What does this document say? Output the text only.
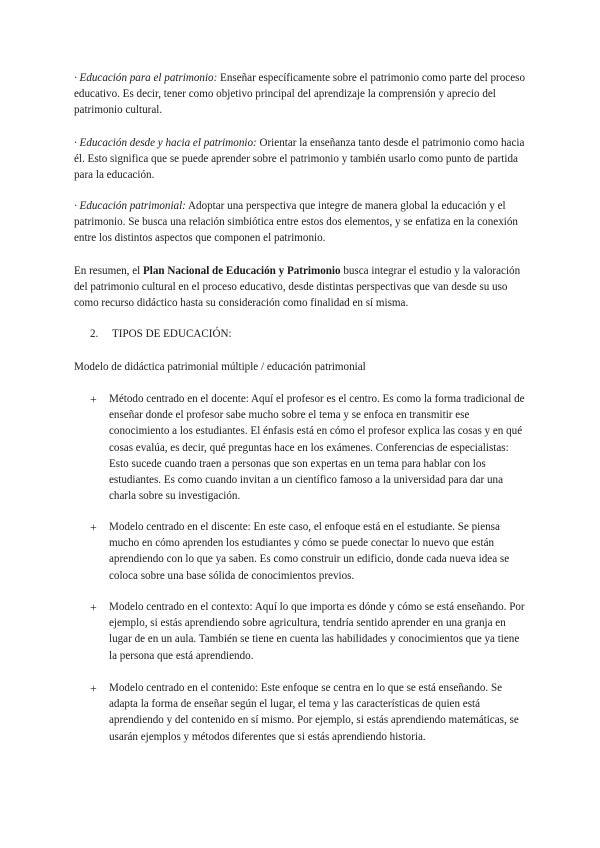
· Educación para el patrimonio: Enseñar específicamente sobre el patrimonio como parte del proceso educativo. Es decir, tener como objetivo principal del aprendizaje la comprensión y aprecio del patrimonio cultural.

· Educación desde y hacia el patrimonio: Orientar la enseñanza tanto desde el patrimonio como hacia él. Esto significa que se puede aprender sobre el patrimonio y también usarlo como punto de partida para la educación.

· Educación patrimonial: Adoptar una perspectiva que integre de manera global la educación y el patrimonio. Se busca una relación simbiótica entre estos dos elementos, y se enfatiza en la conexión entre los distintos aspectos que componen el patrimonio.

En resumen, el Plan Nacional de Educación y Patrimonio busca integrar el estudio y la valoración del patrimonio cultural en el proceso educativo, desde distintas perspectivas que van desde su uso como recurso didáctico hasta su consideración como finalidad en sí misma.

2. TIPOS DE EDUCACIÓN:
Modelo de didáctica patrimonial múltiple / educación patrimonial
+ Método centrado en el docente: Aquí el profesor es el centro. Es como la forma tradicional de enseñar donde el profesor sabe mucho sobre el tema y se enfoca en transmitir ese conocimiento a los estudiantes. El énfasis está en cómo el profesor explica las cosas y en qué cosas evalúa, es decir, qué preguntas hace en los exámenes. Conferencias de especialistas: Esto sucede cuando traen a personas que son expertas en un tema para hablar con los estudiantes. Es como cuando invitan a un científico famoso a la universidad para dar una charla sobre su investigación.

+ Modelo centrado en el discente: En este caso, el enfoque está en el estudiante. Se piensa mucho en cómo aprenden los estudiantes y cómo se puede conectar lo nuevo que están aprendiendo con lo que ya saben. Es como construir un edificio, donde cada nueva idea se coloca sobre una base sólida de conocimientos previos.

+ Modelo centrado en el contexto: Aquí lo que importa es dónde y cómo se está enseñando. Por ejemplo, si estás aprendiendo sobre agricultura, tendría sentido aprender en una granja en lugar de en un aula. También se tiene en cuenta las habilidades y conocimientos que ya tiene la persona que está aprendiendo.

+ Modelo centrado en el contenido: Este enfoque se centra en lo que se está enseñando. Se adapta la forma de enseñar según el lugar, el tema y las características de quien está aprendiendo y del contenido en sí mismo. Por ejemplo, si estás aprendiendo matemáticas, se usarán ejemplos y métodos diferentes que si estás aprendiendo historia.
